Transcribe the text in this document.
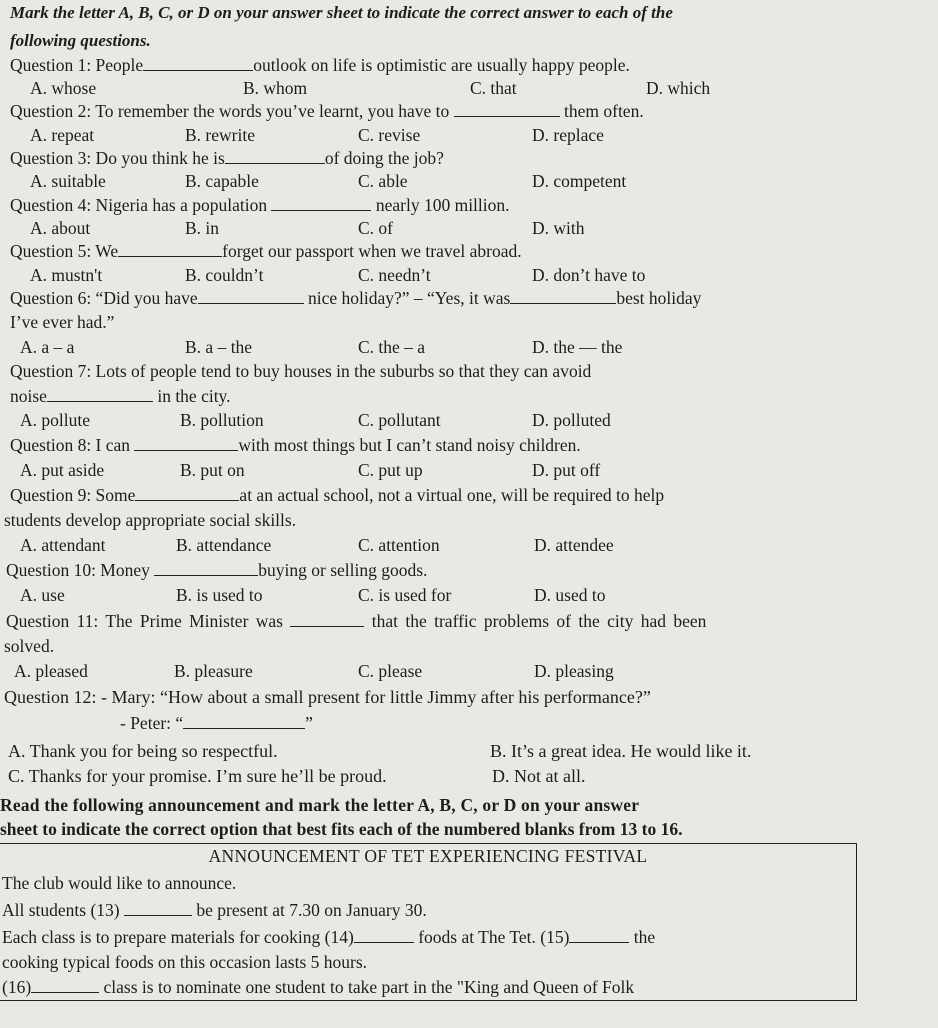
Mark the letter A, B, C, or D on your answer sheet to indicate the correct answer to each of the
following questions.
Question 1: People	outlook on life is optimistic are usually happy people.
A. whose	B. whom	C. that	D. which
Question 2: To remember the words you’ve learnt, you have to	them often.
A. repeat	B. rewrite	C. revise	D. replace
Question 3: Do you think he is	of doing the job?
A. suitable	B. capable	C. able	D. competent
Question 4: Nigeria has a population	nearly 100 million.
A. about	B. in	C. of	D. with
Question 5: We	forget our passport when we travel abroad.
A. mustn't	B. couldn’t	C. needn’t	D. don’t have to
Question 6: “Did you have	nice holiday?” – “Yes, it was	best holiday
I’ve ever had.”
A. a – a	B. a – the	C. the – a	D. the — the
Question 7: Lots of people tend to buy houses in the suburbs so that they can avoid
noise	in the city.
A. pollute	B. pollution	C. pollutant	D. polluted
Question 8: I can	with most things but I can’t stand noisy children.
A. put aside	B. put on	C. put up	D. put off
Question 9: Some	at an actual school, not a virtual one, will be required to help
students develop appropriate social skills.
A. attendant	B. attendance	C. attention	D. attendee
Question 10: Money	buying or selling goods.
A. use	B. is used to	C. is used for	D. used to
Question 11: The Prime Minister was	that the traffic problems of the city had been
solved.
A. pleased	B. pleasure	C. please	D. pleasing
Question 12: - Mary: “How about a small present for little Jimmy after his performance?”
- Peter: “	”
A. Thank you for being so respectful.	B. It’s a great idea. He would like it.
C. Thanks for your promise. I’m sure he’ll be proud.	D. Not at all.
Read the following announcement and mark the letter A, B, C, or D on your answer
sheet to indicate the correct option that best fits each of the numbered blanks from 13 to 16.
ANNOUNCEMENT OF TET EXPERIENCING FESTIVAL
The club would like to announce.
All students (13)	be present at 7.30 on January 30.
Each class is to prepare materials for cooking (14)	foods at The Tet. (15)	the
cooking typical foods on this occasion lasts 5 hours.
(16)	class is to nominate one student to take part in the "King and Queen of Folk
